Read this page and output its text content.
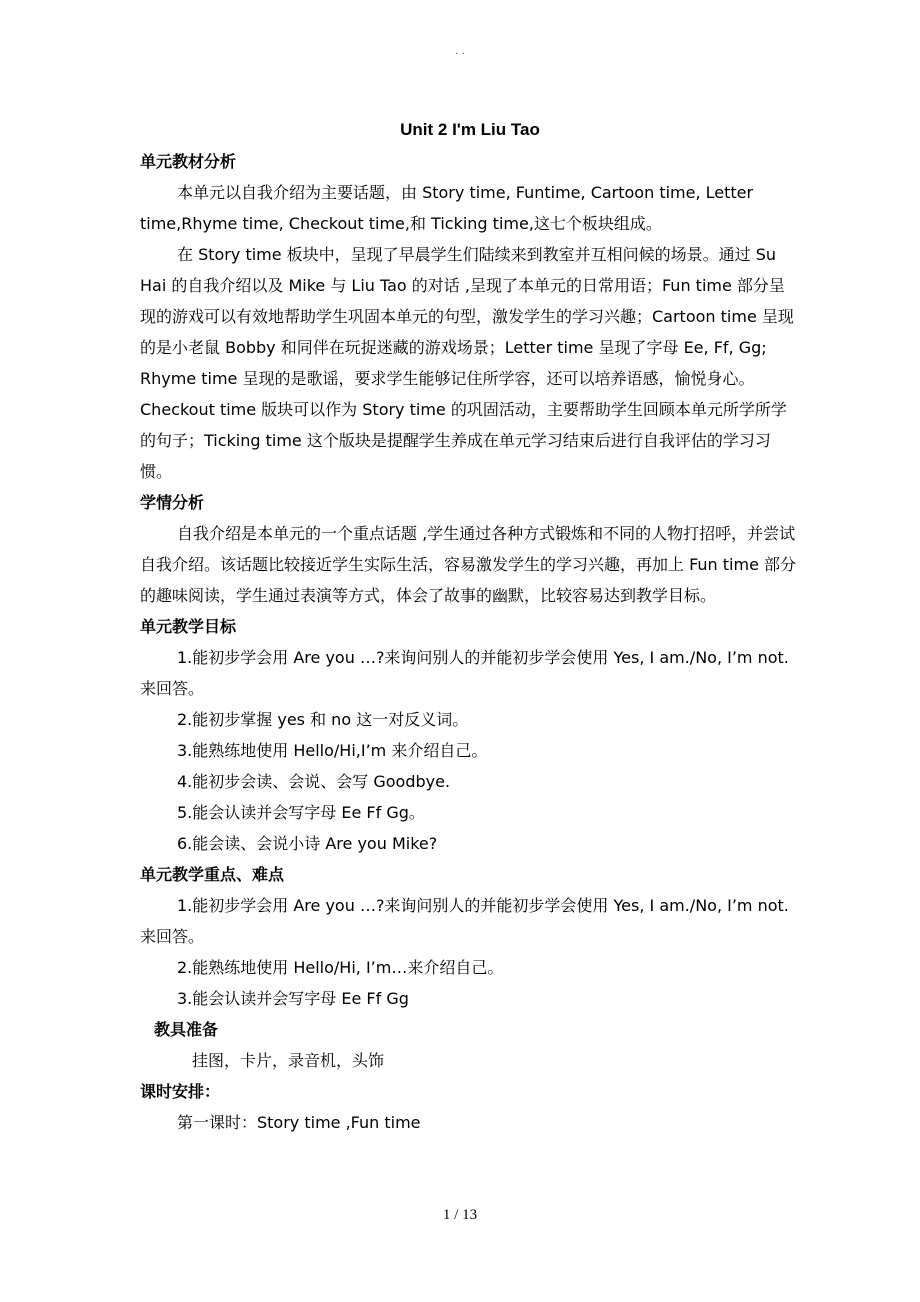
. .
Unit 2 I'm Liu Tao

单元教材分析

本单元以自我介绍为主要话题，由 Story time, Funtime, Cartoon time, Letter time,Rhyme time, Checkout time,和 Ticking time,这七个板块组成。

在 Story time 板块中，呈现了早晨学生们陆续来到教室并互相问候的场景。通过 Su Hai 的自我介绍以及 Mike 与 Liu Tao 的对话 ,呈现了本单元的日常用语；Fun time 部分呈现的游戏可以有效地帮助学生巩固本单元的句型，激发学生的学习兴趣；Cartoon time 呈现的是小老鼠 Bobby 和同伴在玩捉迷藏的游戏场景；Letter time 呈现了字母 Ee, Ff, Gg; Rhyme time 呈现的是歌谣，要求学生能够记住所学容，还可以培养语感，愉悦身心。Checkout time 版块可以作为 Story time 的巩固活动，主要帮助学生回顾本单元所学所学的句子；Ticking time 这个版块是提醒学生养成在单元学习结束后进行自我评估的学习习惯。

学情分析

自我介绍是本单元的一个重点话题 ,学生通过各种方式锻炼和不同的人物打招呼，并尝试自我介绍。该话题比较接近学生实际生活，容易激发学生的学习兴趣，再加上 Fun time 部分的趣味阅读，学生通过表演等方式，体会了故事的幽默，比较容易达到教学目标。

单元教学目标

1.能初步学会用 Are you …?来询问别人的并能初步学会使用 Yes, I am./No, I’m not.来回答。

2.能初步掌握 yes 和 no 这一对反义词。

3.能熟练地使用 Hello/Hi,I’m 来介绍自己。

4.能初步会读、会说、会写 Goodbye.

5.能会认读并会写字母 Ee Ff Gg。

6.能会读、会说小诗 Are you Mike?

单元教学重点、难点

1.能初步学会用 Are you …?来询问别人的并能初步学会使用 Yes, I am./No, I’m not.来回答。

2.能熟练地使用 Hello/Hi, I’m…来介绍自己。

3.能会认读并会写字母 Ee Ff Gg

教具准备

挂图，卡片，录音机，头饰

课时安排：

第一课时：Story time ,Fun time

1 / 13
